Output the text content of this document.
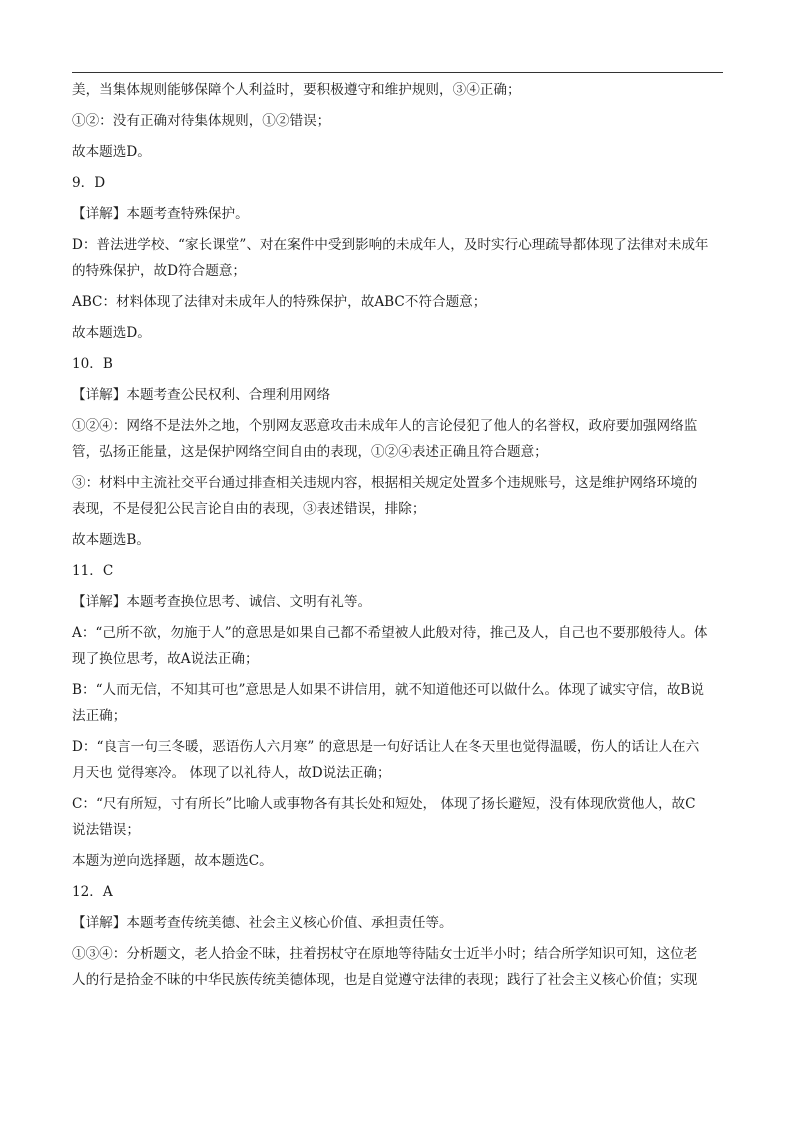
美，当集体规则能够保障个人利益时，要积极遵守和维护规则，③④正确；
①②：没有正确对待集体规则，①②错误；
故本题选D。
9．D
【详解】本题考查特殊保护。
D：普法进学校、“家长课堂”、对在案件中受到影响的未成年人，及时实行心理疏导都体现了法律对未成年
的特殊保护，故D符合题意；
ABC：材料体现了法律对未成年人的特殊保护，故ABC不符合题意；
故本题选D。
10．B
【详解】本题考查公民权利、合理利用网络
①②④：网络不是法外之地，个别网友恶意攻击未成年人的言论侵犯了他人的名誉权，政府要加强网络监
管，弘扬正能量，这是保护网络空间自由的表现，①②④表述正确且符合题意；
③：材料中主流社交平台通过排查相关违规内容，根据相关规定处置多个违规账号，这是维护网络环境的
表现，不是侵犯公民言论自由的表现，③表述错误，排除；
故本题选B。
11．C
【详解】本题考查换位思考、诚信、文明有礼等。
A：“己所不欲，勿施于人”的意思是如果自己都不希望被人此般对待，推己及人，自己也不要那般待人。体
现了换位思考，故A说法正确；
B：“人而无信，不知其可也”意思是人如果不讲信用，就不知道他还可以做什么。体现了诚实守信，故B说
法正确；
D：“良言一句三冬暖，恶语伤人六月寒” 的意思是一句好话让人在冬天里也觉得温暖，伤人的话让人在六
月天也 觉得寒冷。 体现了以礼待人，故D说法正确；
C：“尺有所短，寸有所长”比喻人或事物各有其长处和短处， 体现了扬长避短，没有体现欣赏他人，故C
说法错误；
本题为逆向选择题，故本题选C。
12．A
【详解】本题考查传统美德、社会主义核心价值、承担责任等。
①③④：分析题文，老人拾金不昧，拄着拐杖守在原地等待陆女士近半小时；结合所学知识可知，这位老
人的行是拾金不昧的中华民族传统美德体现，也是自觉遵守法律的表现；践行了社会主义核心价值；实现
